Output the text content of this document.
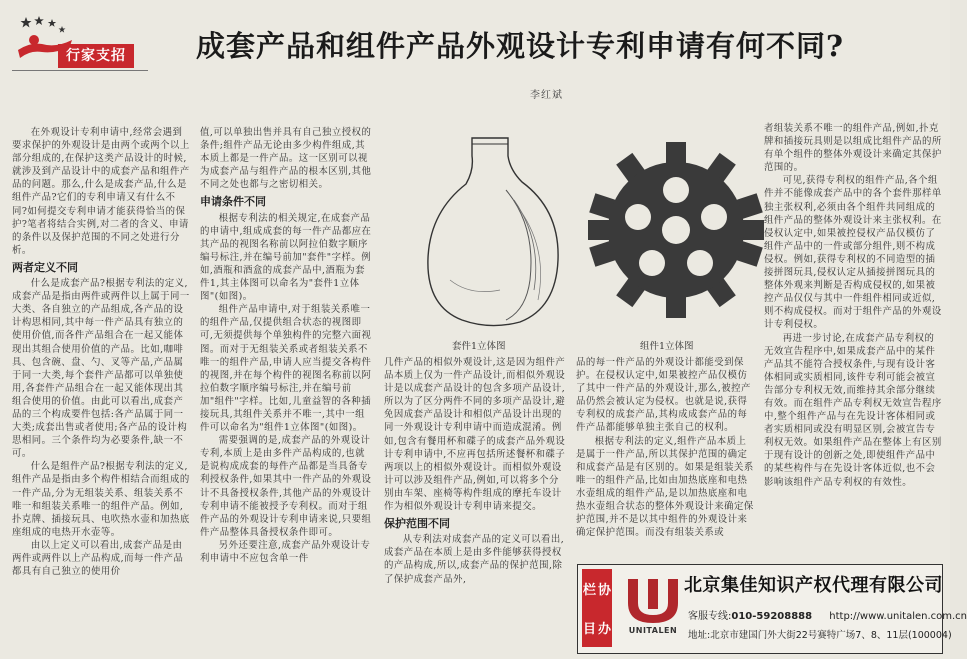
行家支招 成套产品和组件产品外观设计专利申请有何不同?
李红斌

在外观设计专利申请中,经常会遇到要求保护的外观设计是由两个或两个以上部分组成的,在保护这类产品设计的时候,就涉及到产品设计中的成套产品和组件产品的问题。那么,什么是成套产品,什么是组件产品?它们的专利申请又有什么不同?如何提交专利申请才能获得恰当的保护?笔者将结合实例,对二者的含义、申请的条件以及保护范围的不同之处进行分析。

两者定义不同

什么是成套产品?根据专利法的定义,成套产品是指由两件或两件以上属于同一大类、各自独立的产品组成,各产品的设计构思相同,其中每一件产品具有独立的使用价值,而各件产品组合在一起又能体现出其组合使用价值的产品。比如,咖啡具、包含碗、盘、勺、叉等产品,产品属于同一大类,每个套件产品都可以单独使用,各套件产品组合在一起又能体现出其组合使用的价值。由此可以看出,成套产品的三个构成要件包括:各产品属于同一大类;成套出售或者使用;各产品的设计构思相同。三个条件均为必要条件,缺一不可。

什么是组件产品?根据专利法的定义,组件产品是指由多个构件相结合而组成的一件产品,分为无组装关系、组装关系不唯一和组装关系唯一的组件产品。例如,扑克牌、插接玩具、电吹热水壶和加热底座组成的电热开水壶等。

由以上定义可以看出,成套产品是由两件或两件以上产品构成,而每一件产品都具有自己独立的使用价

值,可以单独出售并具有自己独立授权的条件;组件产品无论由多少构件组成,其本质上都是一件产品。这一区别可以视为成套产品与组件产品的根本区别,其他不同之处也都与之密切相关。

申请条件不同

根据专利法的相关规定,在成套产品的申请中,组成成套的每一件产品都应在其产品的视图名称前以阿拉伯数字顺序编号标注,并在编号前加"套件"字样。例如,酒瓶和酒盒的成套产品中,酒瓶为套件1,其主体图可以命名为"套件1立体图"(如图)。

组件产品申请中,对于组装关系唯一的组件产品,仅提供组合状态的视图即可,无须提供每个单独构件的完整六面视图。而对于无组装关系或者组装关系不唯一的组件产品,申请人应当提交各构件的视图,并在每个构件的视图名称前以阿拉伯数字顺序编号标注,并在编号前加"组件"字样。比如,儿童益智的各种插接玩具,其组件关系并不唯一,其中一组件可以命名为"组件1立体图"(如图)。

需要强调的是,成套产品的外观设计专利,本质上是由多件产品构成的,也就是说构成成套的每件产品都是当具备专利授权条件,如果其中一件产品的外观设计不具备授权条件,其他产品的外观设计专利申请不能被授予专利权。而对于组件产品的外观设计专利申请来说,只要组件产品整体具备授权条件即可。

另外还要注意,成套产品外观设计专利申请中不应包含单一件

套件1立体图	组件1立体图

几件产品的相似外观设计,这是因为组件产品本质上仅为一件产品设计,而相似外观设计是以成套产品设计的包含多项产品设计,所以为了区分两件不同的多项产品设计,避免因成套产品设计和相似产品设计出现的同一外观设计专利申请中而造成混淆。例如,包含有餐用杯和碟子的成套产品外观设计专利申请中,不应再包括所述餐杯和碟子两项以上的相似外观设计。而相似外观设计可以涉及组件产品,例如,可以将多个分别由车架、座椅等构件组成的摩托车设计作为相似外观设计专利申请来提交。

保护范围不同

从专利法对成套产品的定义可以看出,成套产品在本质上是由多件能够获得授权的产品构成,所以,成套产品的保护范围,除了保护成套产品外,

品的每一件产品的外观设计都能受到保护。在侵权认定中,如果被控产品仅模仿了其中一件产品的外观设计,那么,被控产品仍然会被认定为侵权。也就是说,获得专利权的成套产品,其构成成套产品的每件产品都能够单独主张自己的权利。

根据专利法的定义,组件产品本质上是属于一件产品,所以其保护范围的确定和成套产品是有区别的。如果是组装关系唯一的组件产品,比如由加热底座和电热水壶组成的组件产品,是以加热底座和电热水壶组合状态的整体外观设计来确定保护范围,并不是以其中组件的外观设计来确定保护范围。而没有组装关系或

者组装关系不唯一的组件产品,例如,扑克牌和插接玩具则是以组成比组件产品的所有单个组件的整体外观设计来确定其保护范围的。

可见,获得专利权的组件产品,各个组件并不能像成套产品中的各个套件那样单独主张权利,必须由各个组件共同组成的组件产品的整体外观设计来主张权利。在侵权认定中,如果被控侵权产品仅模仿了组件产品中的一件或部分组件,则不构成侵权。例如,获得专利权的不同造型的插接拼图玩具,侵权认定从插接拼图玩具的整体外观来判断是否构成侵权的,如果被控产品仅仅与其中一件组件相同或近似,则不构成侵权。而对于组件产品的外观设计专利侵权。

再进一步讨论,在成套产品专利权的无效宣告程序中,如果成套产品中的某件产品其不能符合授权条件,与现有设计客体相同或实质相同,该件专利可能会被宣告部分专利权无效,而维持其余部分继续有效。而在组件产品专利权无效宣告程序中,整个组件产品与在先设计客体相同或者实质相同或没有明显区别,会被宣告专利权无效。如果组件产品在整体上有区别于现有设计的创新之处,即使组件产品中的某些构件与在先设计客体近似,也不会影响该组件产品专利权的有效性。

栏 协
目 办	UNITALEN
北京集佳知识产权代理有限公司
客服专线:010-59208888 http://www.unitalen.com.cn
地址:北京市建国门外大街22号赛特广场7、8、11层(100004)
